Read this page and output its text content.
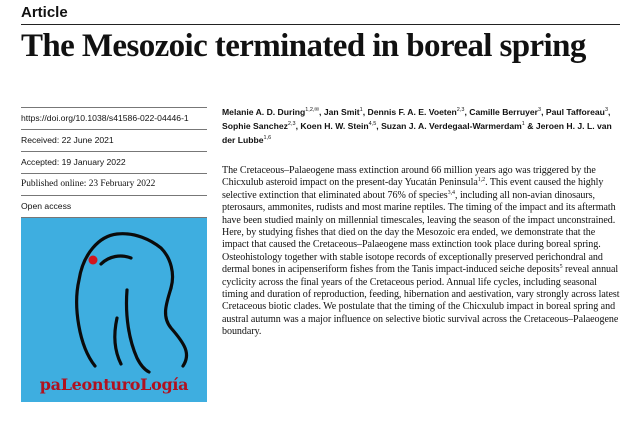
Article
The Mesozoic terminated in boreal spring
https://doi.org/10.1038/s41586-022-04446-1
Received: 22 June 2021
Accepted: 19 January 2022
Published online: 23 February 2022
Open access
Melanie A. D. During$^{1,2,✉}$, Jan Smit$^1$, Dennis F. A. E. Voeten$^{2,3}$, Camille Berruyer$^3$, Paul Tafforeau$^3$, Sophie Sanchez$^{2,3}$, Koen H. W. Stein$^{4,5}$, Suzan J. A. Verdegaal-Warmerdam$^1$ & Jeroen H. J. L. van der Lubbe$^{1,6}$
The Cretaceous–Palaeogene mass extinction around 66 million years ago was triggered by the Chicxulub asteroid impact on the present-day Yucatán Peninsula$^{1,2}$. This event caused the highly selective extinction that eliminated about 76% of species$^{3,4}$, including all non-avian dinosaurs, pterosaurs, ammonites, rudists and most marine reptiles. The timing of the impact and its aftermath have been studied mainly on millennial timescales, leaving the season of the impact unconstrained. Here, by studying fishes that died on the day the Mesozoic era ended, we demonstrate that the impact that caused the Cretaceous–Palaeogene mass extinction took place during boreal spring. Osteohistology together with stable isotope records of exceptionally preserved perichondral and dermal bones in acipenseriform fishes from the Tanis impact-induced seiche deposits$^5$ reveal annual cyclicity across the final years of the Cretaceous period. Annual life cycles, including seasonal timing and duration of reproduction, feeding, hibernation and aestivation, vary strongly across latest Cretaceous biotic clades. We postulate that the timing of the Chicxulub impact in boreal spring and austral autumn was a major influence on selective biotic survival across the Cretaceous–Palaeogene boundary.
paLeonturoLogía
